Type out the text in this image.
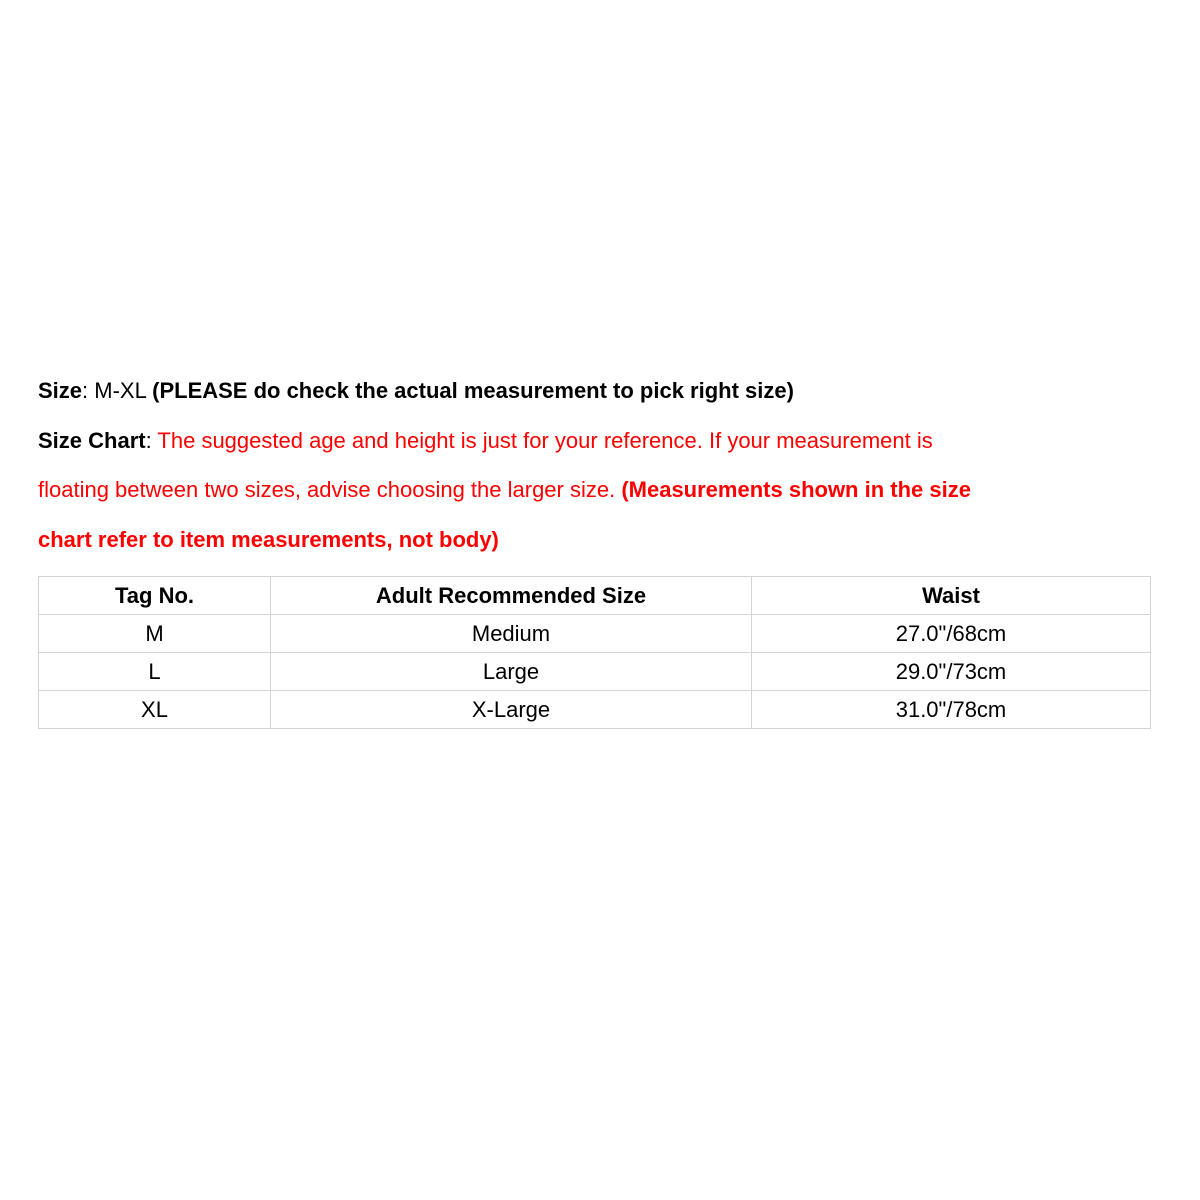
Size: M-XL (PLEASE do check the actual measurement to pick right size)
Size Chart: The suggested age and height is just for your reference. If your measurement is
floating between two sizes, advise choosing the larger size. (Measurements shown in the size
chart refer to item measurements, not body)
Tag No.	Adult Recommended Size	Waist
M	Medium	27.0"/68cm
L	Large	29.0"/73cm
XL	X-Large	31.0"/78cm
